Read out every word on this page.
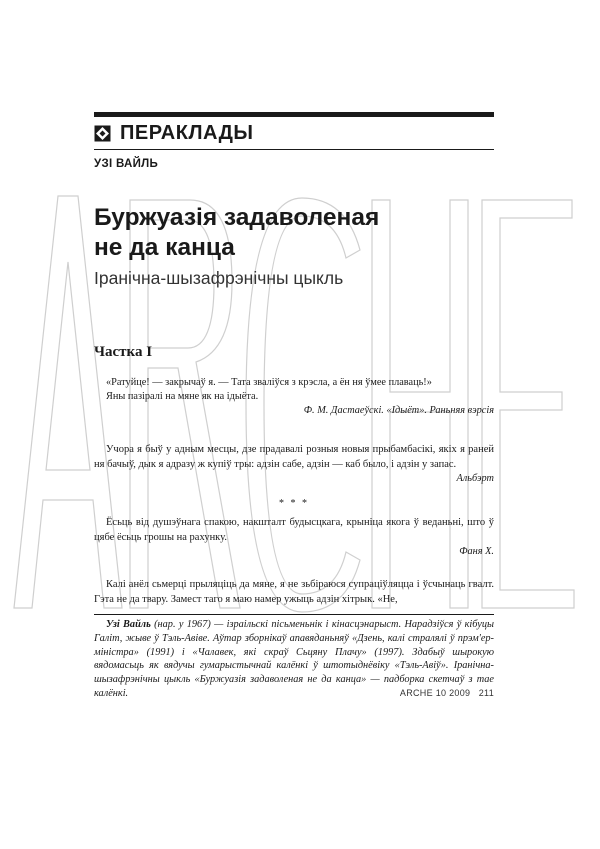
ПЕРАКЛАДЫ
УЗІ ВАЙЛЬ
Буржуазія задаволеная
не да канца
Іранічна-шызафрэнічны цыкль
Частка I

«Ратуйце! — закрычаў я. — Тата зваліўся з крэсла, а ён ня ўмее плаваць!»

Яны пазіралі на мяне як на ідыёта.

Ф. М. Дастаеўскі. «Ідыёт». Раньняя вэрсія

Учора я быў у адным месцы, дзе прадавалі розныя новыя прыбамбасікі, якіх я раней ня бачыў, дык я адразу ж купіў тры: адзін сабе, адзін — каб было, і адзін у запас.

Альбэрт
* * *

Ёсьць від душэўнага спакою, накшталт будысцкага, крыніца якога ў веданьні, што ў цябе ёсьць грошы на рахунку.

Фаня Х.

Калі анёл сьмерці прыляціць да мяне, я не зьбіраюся супраціўляцца і ўсчынаць гвалт. Гэта не да твару. Замест таго я маю намер ужыць адзін хітрык. «Не,

Узі Вайль (нар. у 1967) — ізраільскі пісьменьнік і кінасцэнарыст. Нарадзіўся ў кібуцы Галіт, жыве ў Тэль-Авіве. Аўтар зборнікаў апавяданьняў «Дзень, калі стралялі ў прэм'ер-міністра» (1991) і «Чалавек, які скраў Сьцяну Плачу» (1997). Здабыў шырокую вядомасьць як вядучы гумарыстычнай калёнкі ў штотыднёвіку «Тэль-Авіў». Іранічна-шызафрэнічны цыкль «Буржуазія задаволеная не да канца» — падборка скетчаў з тае калёнкі.	ARCHE 10 2009 211
